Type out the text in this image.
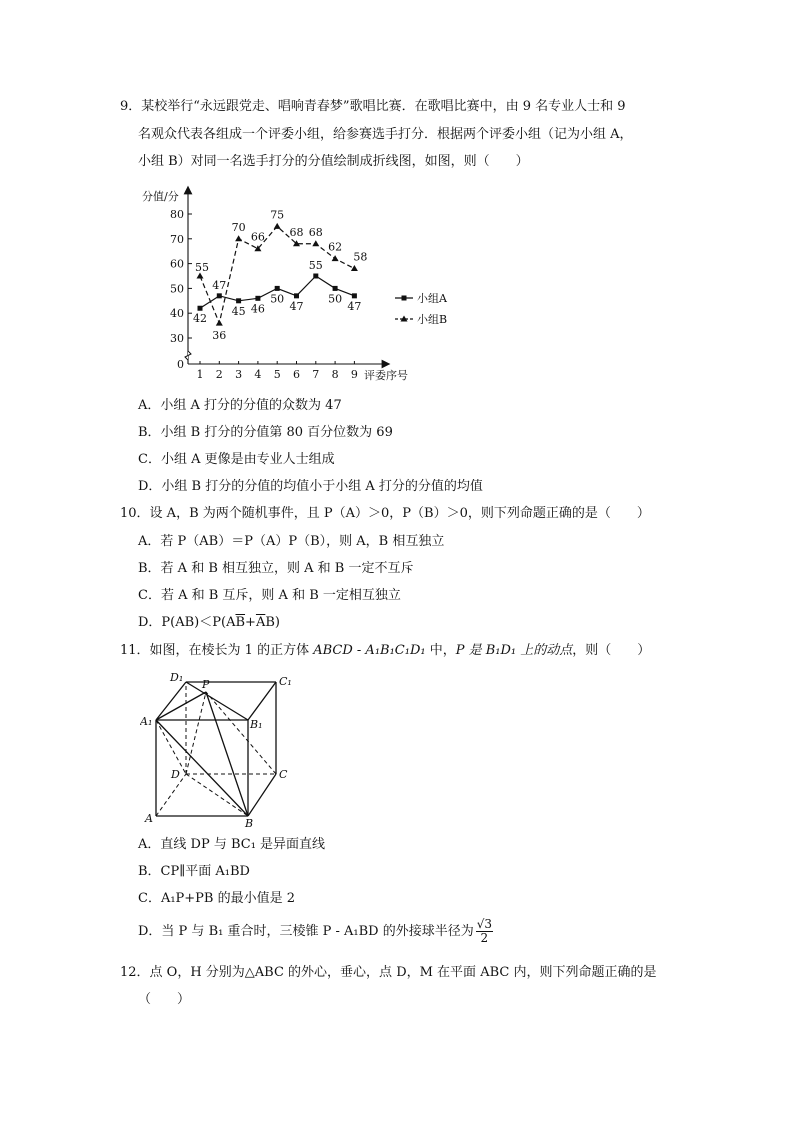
9．某校举行“永远跟党走、唱响青春梦”歌唱比赛．在歌唱比赛中，由 9 名专业人士和 9
名观众代表各组成一个评委小组，给参赛选手打分．根据两个评委小组（记为小组 A，
小组 B）对同一名选手打分的分值绘制成折线图，如图，则（　　）
0
30
40
50
60
70
80
1 2 3 4 5 6 7 8 9
分值/分
评委序号
42
47
45 46
50
47
55
50
47
55
36
70
66
75
68 68
62
58
小组A
小组B
A．小组 A 打分的分值的众数为 47
B．小组 B 打分的分值第 80 百分位数为 69
C．小组 A 更像是由专业人士组成
D．小组 B 打分的分值的均值小于小组 A 打分的分值的均值
10．设 A，B 为两个随机事件，且 P（A）＞0，P（B）＞0，则下列命题正确的是（　　）
A．若 P（AB）＝P（A）P（B），则 A，B 相互独立
B．若 A 和 B 相互独立，则 A 和 B 一定不互斥
C．若 A 和 B 互斥，则 A 和 B 一定相互独立
D．$P(AB)<P(A\overline{B}+\overline{A}B)$
11．如图，在棱长为 1 的正方体 ABCD - A₁B₁C₁D₁ 中，P 是 B₁D₁ 上的动点，则（　　）
D₁
P	C₁
A₁	B₁
D	C
A	B
A．直线 DP 与 BC₁ 是异面直线
B．CP∥平面 A₁BD
C．A₁P+PB 的最小值是 2
D．当 P 与 B₁ 重合时，三棱锥 P - A₁BD 的外接球半径为 $\frac{√3}{2}$
12．点 O，H 分别为△ABC 的外心，垂心，点 D，M 在平面 ABC 内，则下列命题正确的是
（　　）
